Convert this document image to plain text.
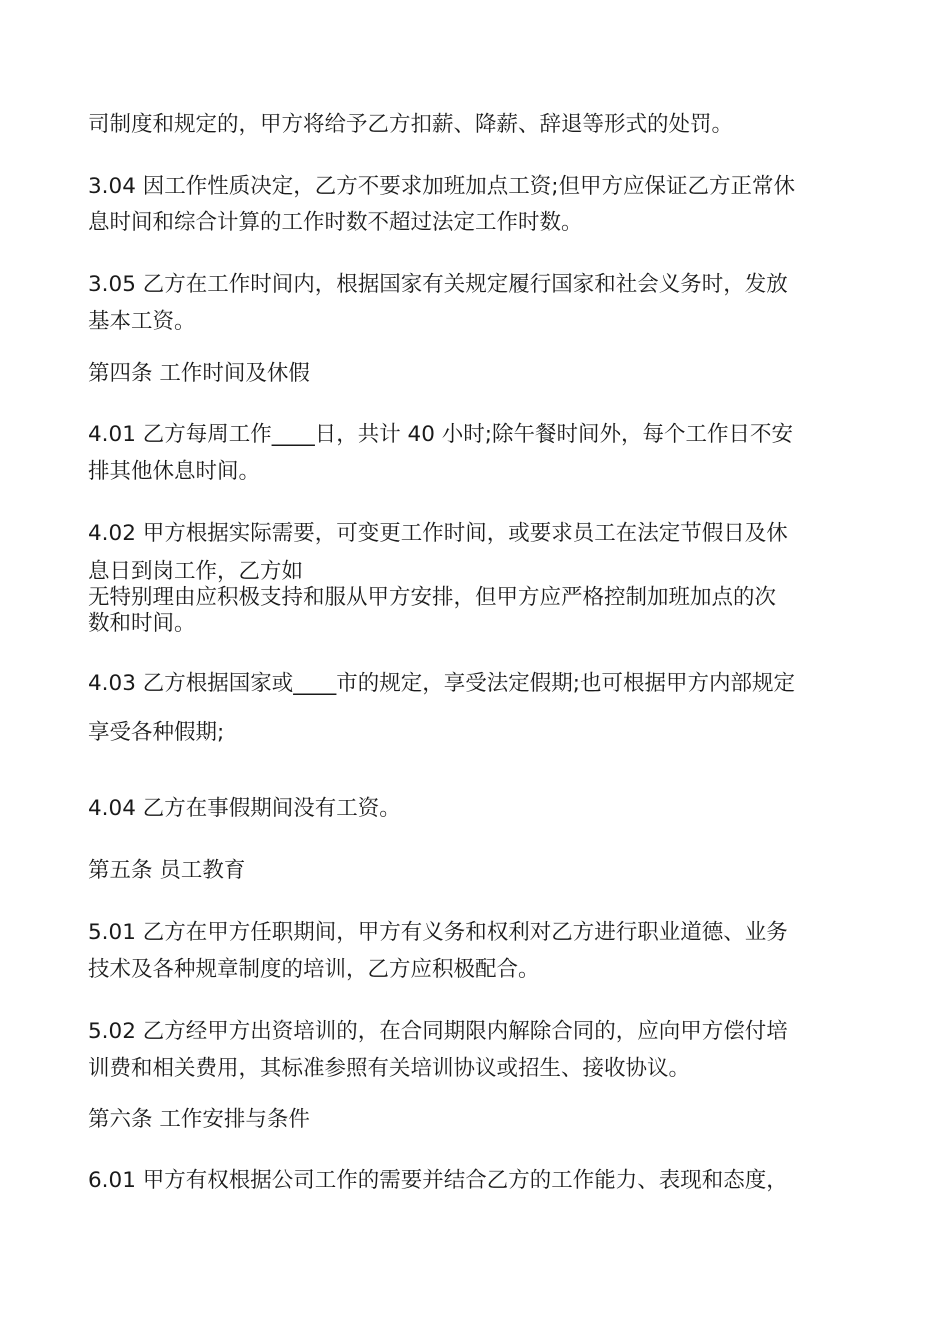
司制度和规定的，甲方将给予乙方扣薪、降薪、辞退等形式的处罚。

3.04 因工作性质决定，乙方不要求加班加点工资;但甲方应保证乙方正常休

息时间和综合计算的工作时数不超过法定工作时数。

3.05 乙方在工作时间内，根据国家有关规定履行国家和社会义务时，发放

基本工资。

第四条 工作时间及休假

4.01 乙方每周工作____日，共计 40 小时;除午餐时间外，每个工作日不安

排其他休息时间。

4.02 甲方根据实际需要，可变更工作时间，或要求员工在法定节假日及休

息日到岗工作，乙方如

无特别理由应积极支持和服从甲方安排，但甲方应严格控制加班加点的次

数和时间。

4.03 乙方根据国家或____市的规定，享受法定假期;也可根据甲方内部规定

享受各种假期;

4.04 乙方在事假期间没有工资。

第五条 员工教育

5.01 乙方在甲方任职期间，甲方有义务和权利对乙方进行职业道德、业务

技术及各种规章制度的培训，乙方应积极配合。

5.02 乙方经甲方出资培训的，在合同期限内解除合同的，应向甲方偿付培

训费和相关费用，其标准参照有关培训协议或招生、接收协议。

第六条 工作安排与条件

6.01 甲方有权根据公司工作的需要并结合乙方的工作能力、表现和态度，
